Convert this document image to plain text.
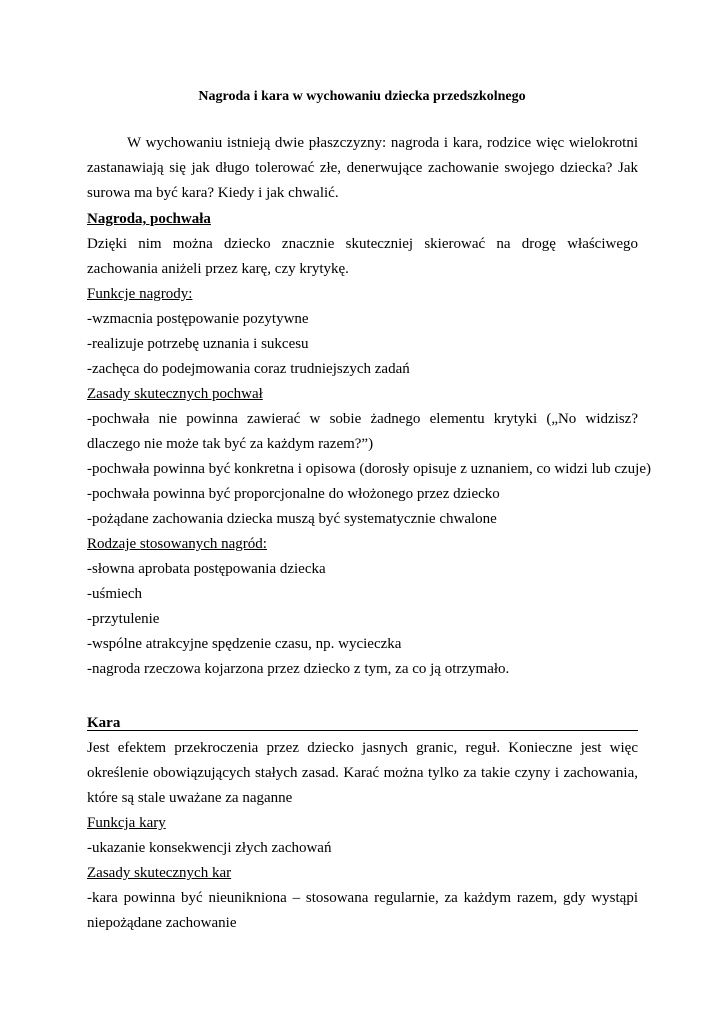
Nagroda i kara w wychowaniu dziecka przedszkolnego
W wychowaniu istnieją dwie płaszczyzny: nagroda i kara, rodzice więc wielokrotni zastanawiają się jak długo tolerować złe, denerwujące zachowanie swojego dziecka? Jak surowa ma być kara? Kiedy i jak chwalić.
Nagroda, pochwała
Dzięki nim można dziecko znacznie skuteczniej skierować na drogę właściwego zachowania aniżeli przez karę, czy krytykę.
Funkcje nagrody:
-wzmacnia postępowanie pozytywne
-realizuje potrzebę uznania i sukcesu
-zachęca do podejmowania coraz trudniejszych zadań
Zasady skutecznych pochwał
-pochwała nie powinna zawierać w sobie żadnego elementu krytyki („No widzisz? dlaczego nie może tak być za każdym razem?”)
-pochwała powinna być konkretna i opisowa (dorosły opisuje z uznaniem, co widzi lub czuje)
-pochwała powinna być proporcjonalne do włożonego przez dziecko
-pożądane zachowania dziecka muszą być systematycznie chwalone
Rodzaje stosowanych nagród:
-słowna aprobata postępowania dziecka
-uśmiech
-przytulenie
-wspólne atrakcyjne spędzenie czasu, np. wycieczka
-nagroda rzeczowa kojarzona przez dziecko z tym, za co ją otrzymało.
Kara
Jest efektem przekroczenia przez dziecko jasnych granic, reguł. Konieczne jest więc określenie obowiązujących stałych zasad. Karać można tylko za takie czyny i zachowania, które są stale uważane za naganne
Funkcja kary
-ukazanie konsekwencji złych zachowań
Zasady skutecznych kar
-kara powinna być nieunikniona – stosowana regularnie, za każdym razem, gdy wystąpi niepożądane zachowanie
